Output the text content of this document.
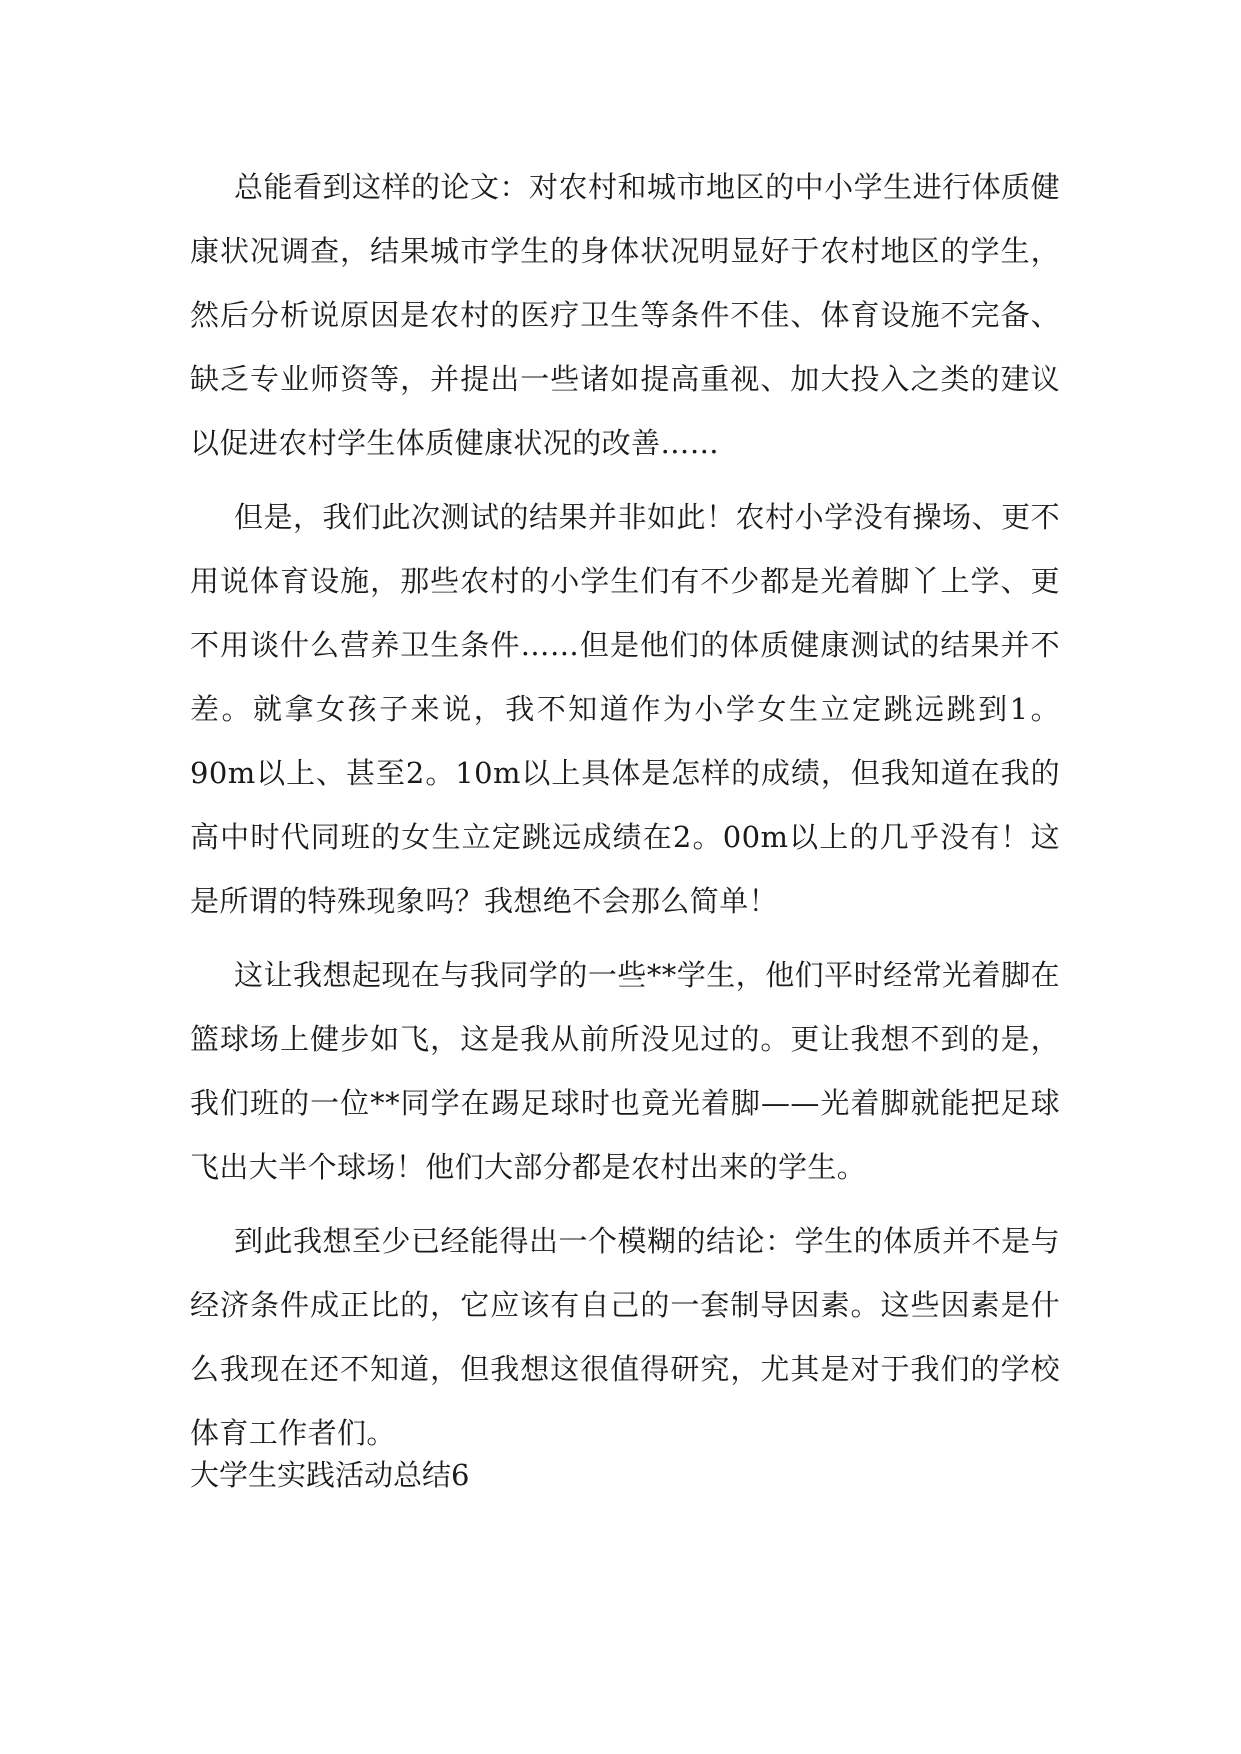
总能看到这样的论文：对农村和城市地区的中小学生进行体质健康状况调查，结果城市学生的身体状况明显好于农村地区的学生，然后分析说原因是农村的医疗卫生等条件不佳、体育设施不完备、缺乏专业师资等，并提出一些诸如提高重视、加大投入之类的建议以促进农村学生体质健康状况的改善……

但是，我们此次测试的结果并非如此！农村小学没有操场、更不用说体育设施，那些农村的小学生们有不少都是光着脚丫上学、更不用谈什么营养卫生条件……但是他们的体质健康测试的结果并不差。就拿女孩子来说，我不知道作为小学女生立定跳远跳到1。90m以上、甚至2。10m以上具体是怎样的成绩，但我知道在我的高中时代同班的女生立定跳远成绩在2。00m以上的几乎没有！这是所谓的特殊现象吗？我想绝不会那么简单！

这让我想起现在与我同学的一些**学生，他们平时经常光着脚在篮球场上健步如飞，这是我从前所没见过的。更让我想不到的是，我们班的一位**同学在踢足球时也竟光着脚——光着脚就能把足球飞出大半个球场！他们大部分都是农村出来的学生。

到此我想至少已经能得出一个模糊的结论：学生的体质并不是与经济条件成正比的，它应该有自己的一套制导因素。这些因素是什么我现在还不知道，但我想这很值得研究，尤其是对于我们的学校体育工作者们。

大学生实践活动总结6
